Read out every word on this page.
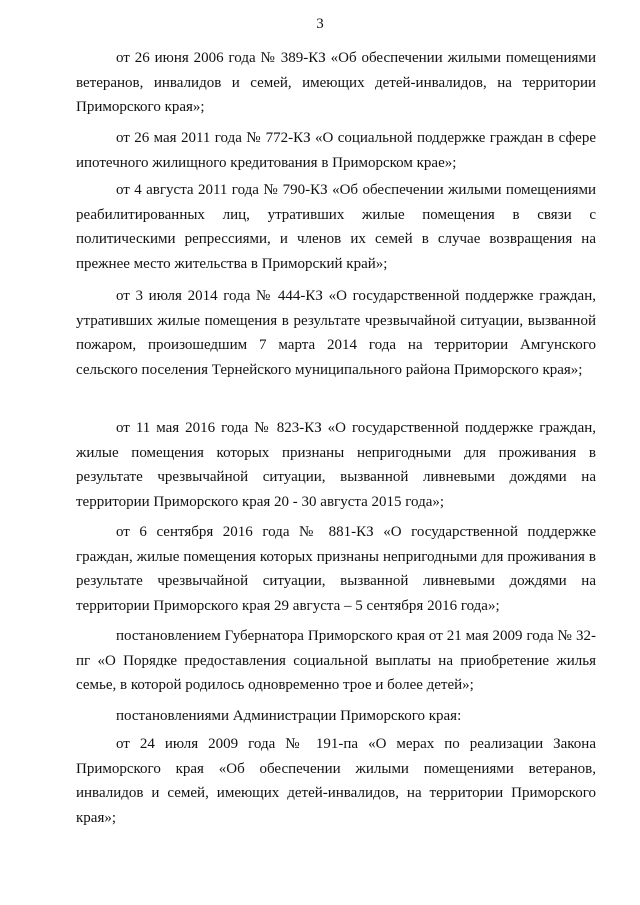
3

от 26 июня 2006 года № 389-КЗ «Об обеспечении жилыми помещениями ветеранов, инвалидов и семей, имеющих детей-инвалидов, на территории Приморского края»;

от 26 мая 2011 года № 772-КЗ «О социальной поддержке граждан в сфере ипотечного жилищного кредитования в Приморском крае»;

от 4 августа 2011 года № 790-КЗ «Об обеспечении жилыми помещениями реабилитированных лиц, утративших жилые помещения в связи с политическими репрессиями, и членов их семей в случае возвращения на прежнее место жительства в Приморский край»;

от 3 июля 2014 года № 444-КЗ «О государственной поддержке граждан, утративших жилые помещения в результате чрезвычайной ситуации, вызванной пожаром, произошедшим 7 марта 2014 года на территории Амгунского сельского поселения Тернейского муниципального района Приморского края»;

от 11 мая 2016 года № 823-КЗ «О государственной поддержке граждан, жилые помещения которых признаны непригодными для проживания в результате чрезвычайной ситуации, вызванной ливневыми дождями на территории Приморского края 20 - 30 августа 2015 года»;

от 6 сентября 2016 года № 881-КЗ «О государственной поддержке граждан, жилые помещения которых признаны непригодными для проживания в результате чрезвычайной ситуации, вызванной ливневыми дождями на территории Приморского края 29 августа – 5 сентября 2016 года»;

постановлением Губернатора Приморского края от 21 мая 2009 года № 32-пг «О Порядке предоставления социальной выплаты на приобретение жилья семье, в которой родилось одновременно трое и более детей»;

постановлениями Администрации Приморского края:

от 24 июля 2009 года № 191-па «О мерах по реализации Закона Приморского края «Об обеспечении жилыми помещениями ветеранов, инвалидов и семей, имеющих детей-инвалидов, на территории Приморского края»;
